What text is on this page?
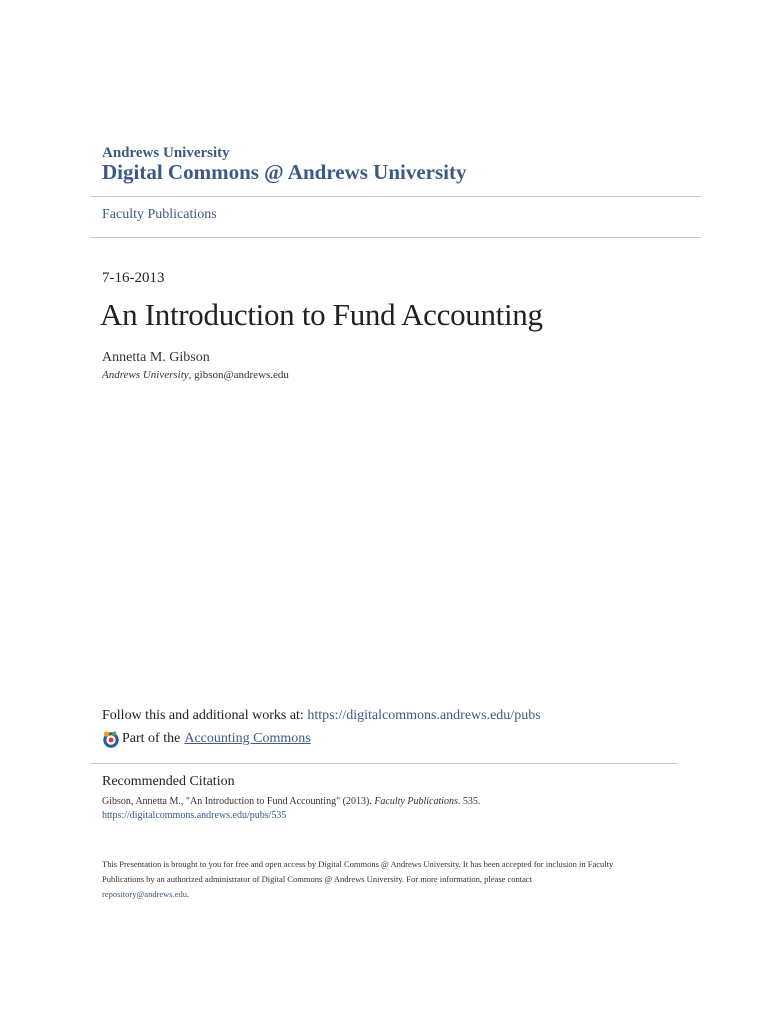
Andrews University
Digital Commons @ Andrews University
Faculty Publications
7-16-2013
An Introduction to Fund Accounting
Annetta M. Gibson
Andrews University, gibson@andrews.edu
Follow this and additional works at: https://digitalcommons.andrews.edu/pubs
Part of the Accounting Commons
Recommended Citation
Gibson, Annetta M., "An Introduction to Fund Accounting" (2013). Faculty Publications. 535.
https://digitalcommons.andrews.edu/pubs/535
This Presentation is brought to you for free and open access by Digital Commons @ Andrews University. It has been accepted for inclusion in Faculty
Publications by an authorized administrator of Digital Commons @ Andrews University. For more information, please contact
repository@andrews.edu.
